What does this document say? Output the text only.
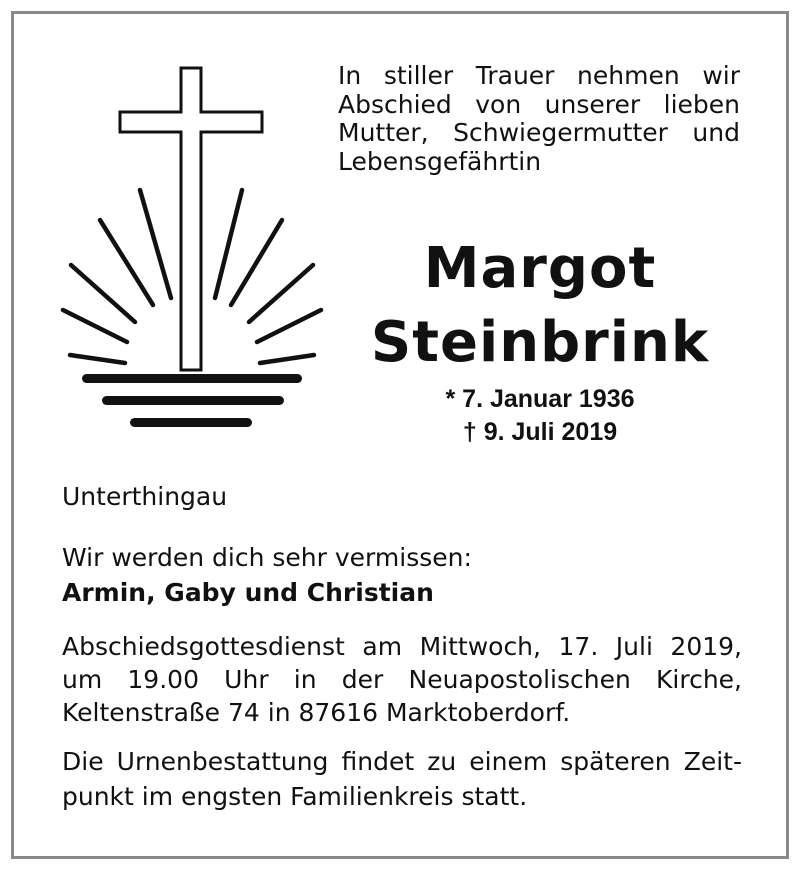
In stiller Trauer nehmen wir
Abschied von unserer lieben
Mutter, Schwiegermutter und
Lebensgefährtin
Margot
Steinbrink
* 7. Januar 1936
† 9. Juli 2019
Unterthingau
Wir werden dich sehr vermissen:
Armin, Gaby und Christian
Abschiedsgottesdienst am Mittwoch, 17. Juli 2019,
um 19.00 Uhr in der Neuapostolischen Kirche,
Keltenstraße 74 in 87616 Marktoberdorf.
Die Urnenbestattung findet zu einem späteren Zeit-
punkt im engsten Familienkreis statt.
